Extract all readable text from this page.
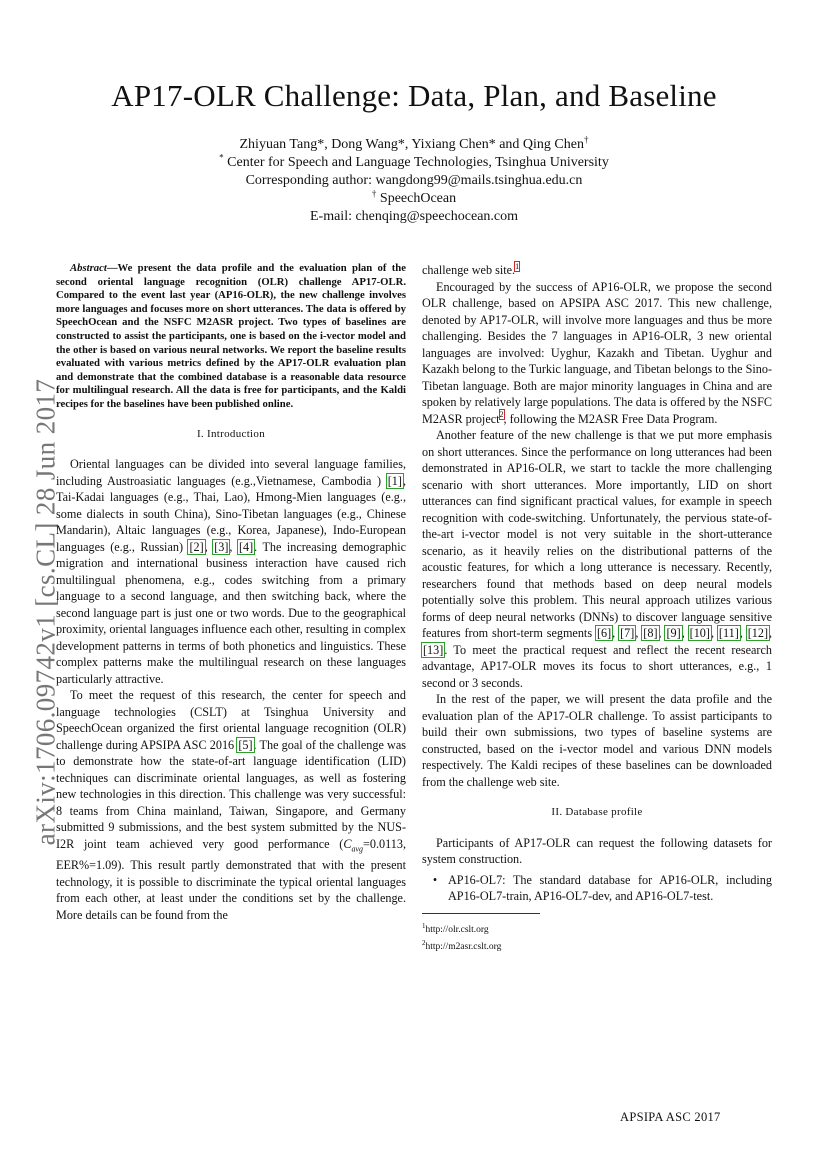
AP17-OLR Challenge: Data, Plan, and Baseline
Zhiyuan Tang*, Dong Wang*, Yixiang Chen* and Qing Chen†
* Center for Speech and Language Technologies, Tsinghua University
Corresponding author: wangdong99@mails.tsinghua.edu.cn
† SpeechOcean
E-mail: chenqing@speechocean.com
arXiv:1706.09742v1 [cs.CL] 28 Jun 2017

Abstract—We present the data profile and the evaluation plan of the second oriental language recognition (OLR) challenge AP17-OLR. Compared to the event last year (AP16-OLR), the new challenge involves more languages and focuses more on short utterances. The data is offered by SpeechOcean and the NSFC M2ASR project. Two types of baselines are constructed to assist the participants, one is based on the i-vector model and the other is based on various neural networks. We report the baseline results evaluated with various metrics defined by the AP17-OLR evaluation plan and demonstrate that the combined database is a reasonable data resource for multilingual research. All the data is free for participants, and the Kaldi recipes for the baselines have been published online.

I. Introduction

Oriental languages can be divided into several language families, including Austroasiatic languages (e.g.,Vietnamese, Cambodia ) [1], Tai-Kadai languages (e.g., Thai, Lao), Hmong-Mien languages (e.g., some dialects in south China), Sino-Tibetan languages (e.g., Chinese Mandarin), Altaic languages (e.g., Korea, Japanese), Indo-European languages (e.g., Russian) [2], [3], [4]. The increasing demographic migration and international business interaction have caused rich multilingual phenomena, e.g., codes switching from a primary language to a second language, and then switching back, where the second language part is just one or two words. Due to the geographical proximity, oriental languages influence each other, resulting in complex development patterns in terms of both phonetics and linguistics. These complex patterns make the multilingual research on these languages particularly attractive.

To meet the request of this research, the center for speech and language technologies (CSLT) at Tsinghua University and SpeechOcean organized the first oriental language recognition (OLR) challenge during APSIPA ASC 2016 [5]. The goal of the challenge was to demonstrate how the state-of-art language identification (LID) techniques can discriminate oriental languages, as well as fostering new technologies in this direction. This challenge was very successful: 8 teams from China mainland, Taiwan, Singapore, and Germany submitted 9 submissions, and the best system submitted by the NUS-I2R joint team achieved very good performance ($C_{avg}=0.0113$, EER%=1.09). This result partly demonstrated that with the present technology, it is possible to discriminate the typical oriental languages from each other, at least under the conditions set by the challenge. More details can be found from the

challenge web site.$^1$

Encouraged by the success of AP16-OLR, we propose the second OLR challenge, based on APSIPA ASC 2017. This new challenge, denoted by AP17-OLR, will involve more languages and thus be more challenging. Besides the 7 languages in AP16-OLR, 3 new oriental languages are involved: Uyghur, Kazakh and Tibetan. Uyghur and Kazakh belong to the Turkic language, and Tibetan belongs to the Sino-Tibetan language. Both are major minority languages in China and are spoken by relatively large populations. The data is offered by the NSFC M2ASR project$^2$, following the M2ASR Free Data Program.

Another feature of the new challenge is that we put more emphasis on short utterances. Since the performance on long utterances had been demonstrated in AP16-OLR, we start to tackle the more challenging scenario with short utterances. More importantly, LID on short utterances can find significant practical values, for example in speech recognition with code-switching. Unfortunately, the pervious state-of-the-art i-vector model is not very suitable in the short-utterance scenario, as it heavily relies on the distributional patterns of the acoustic features, for which a long utterance is necessary. Recently, researchers found that methods based on deep neural models potentially solve this problem. This neural approach utilizes various forms of deep neural networks (DNNs) to discover language sensitive features from short-term segments [6], [7], [8], [9], [10], [11], [12], [13]. To meet the practical request and reflect the recent research advantage, AP17-OLR moves its focus to short utterances, e.g., 1 second or 3 seconds.

In the rest of the paper, we will present the data profile and the evaluation plan of the AP17-OLR challenge. To assist participants to build their own submissions, two types of baseline systems are constructed, based on the i-vector model and various DNN models respectively. The Kaldi recipes of these baselines can be downloaded from the challenge web site.

II. Database profile

Participants of AP17-OLR can request the following datasets for system construction.

• AP16-OL7: The standard database for AP16-OLR, including AP16-OL7-train, AP16-OL7-dev, and AP16-OL7-test.
$^1$http://olr.cslt.org
$^2$http://m2asr.cslt.org
APSIPA ASC 2017
